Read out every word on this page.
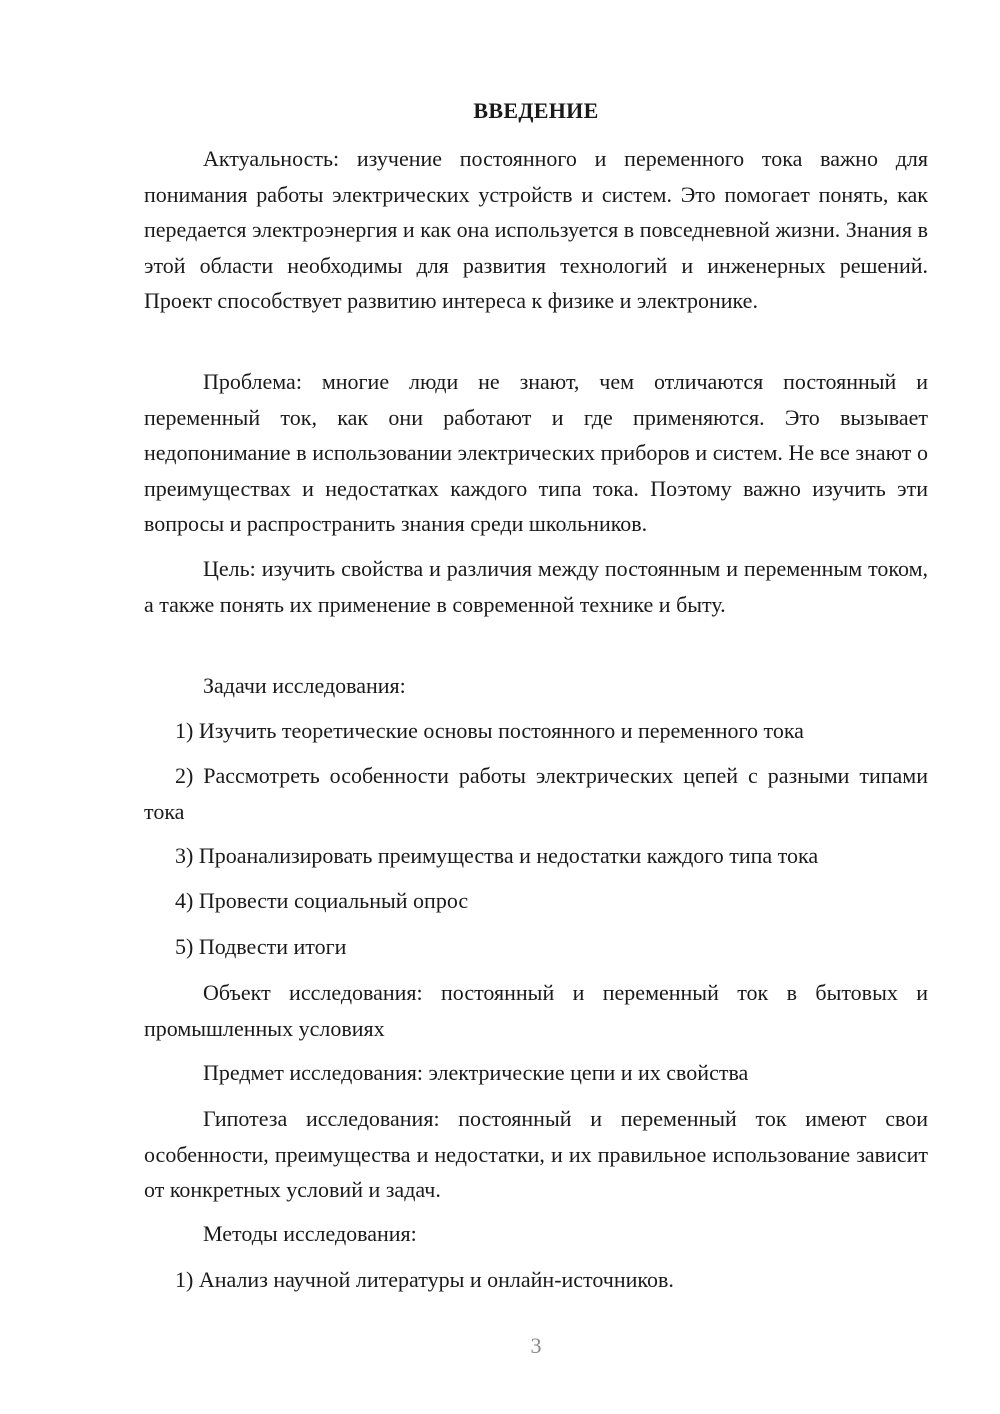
ВВЕДЕНИЕ

Актуальность: изучение постоянного и переменного тока важно для понимания работы электрических устройств и систем. Это помогает понять, как передается электроэнергия и как она используется в повседневной жизни. Знания в этой области необходимы для развития технологий и инженерных решений. Проект способствует развитию интереса к физике и электронике.

Проблема: многие люди не знают, чем отличаются постоянный и переменный ток, как они работают и где применяются. Это вызывает недопонимание в использовании электрических приборов и систем. Не все знают о преимуществах и недостатках каждого типа тока. Поэтому важно изучить эти вопросы и распространить знания среди школьников.

Цель: изучить свойства и различия между постоянным и переменным током, а также понять их применение в современной технике и быту.

Задачи исследования:

1) Изучить теоретические основы постоянного и переменного тока

2) Рассмотреть особенности работы электрических цепей с разными типами тока

3) Проанализировать преимущества и недостатки каждого типа тока

4) Провести социальный опрос

5) Подвести итоги

Объект исследования: постоянный и переменный ток в бытовых и промышленных условиях

Предмет исследования: электрические цепи и их свойства

Гипотеза исследования: постоянный и переменный ток имеют свои особенности, преимущества и недостатки, и их правильное использование зависит от конкретных условий и задач.

Методы исследования:

1) Анализ научной литературы и онлайн-источников.

3
